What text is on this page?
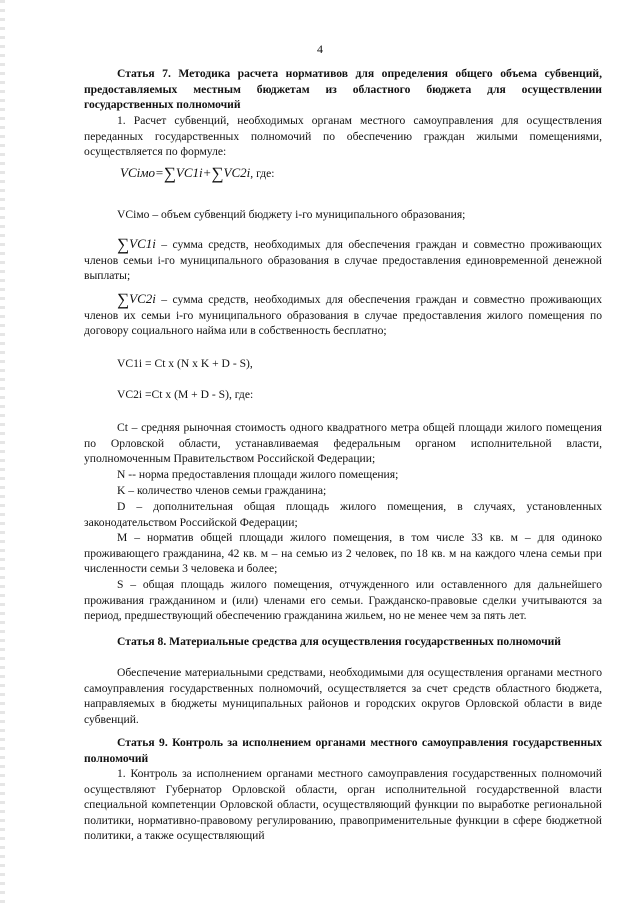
4
Статья 7. Методика расчета нормативов для определения общего объема субвенций, предоставляемых местным бюджетам из областного бюджета для осуществлении государственных полномочий
1. Расчет субвенций, необходимых органам местного самоуправления для осуществления переданных государственных полномочий по обеспечению граждан жилыми помещениями, осуществляется по формуле:
VCiмо=∑VC1i+∑VC2i, где:
VCiмо – объем субвенций бюджету i-го муниципального образования;
∑VC1i – сумма средств, необходимых для обеспечения граждан и совместно проживающих членов семьи i-го муниципального образования в случае предоставления единовременной денежной выплаты;
∑VC2i – сумма средств, необходимых для обеспечения граждан и совместно проживающих членов их семьи i-го муниципального образования в случае предоставления жилого помещения по договору социального найма или в собственность бесплатно;
VC1i = Ct x (N x K + D - S),
VC2i =Ct x (M + D - S), где:
Ct – средняя рыночная стоимость одного квадратного метра общей площади жилого помещения по Орловской области, устанавливаемая федеральным органом исполнительной власти, уполномоченным Правительством Российской Федерации;
N -- норма предоставления площади жилого помещения;
K – количество членов семьи гражданина;
D – дополнительная общая площадь жилого помещения, в случаях, установленных законодательством Российской Федерации;
М – норматив общей площади жилого помещения, в том числе 33 кв. м – для одиноко проживающего гражданина, 42 кв. м – на семью из 2 человек, по 18 кв. м на каждого члена семьи при численности семьи 3 человека и более;
S – общая площадь жилого помещения, отчужденного или оставленного для дальнейшего проживания гражданином и (или) членами его семьи. Гражданско-правовые сделки учитываются за период, предшествующий обеспечению гражданина жильем, но не менее чем за пять лет.
Статья 8. Материальные средства для осуществления государственных полномочий
Обеспечение материальными средствами, необходимыми для осуществления органами местного самоуправления государственных полномочий, осуществляется за счет средств областного бюджета, направляемых в бюджеты муниципальных районов и городских округов Орловской области в виде субвенций.
Статья 9. Контроль за исполнением органами местного самоуправления государственных полномочий
1. Контроль за исполнением органами местного самоуправления государственных полномочий осуществляют Губернатор Орловской области, орган исполнительной государственной власти специальной компетенции Орловской области, осуществляющий функции по выработке региональной политики, нормативно-правовому регулированию, правоприменительные функции в сфере бюджетной политики, а также осуществляющий
